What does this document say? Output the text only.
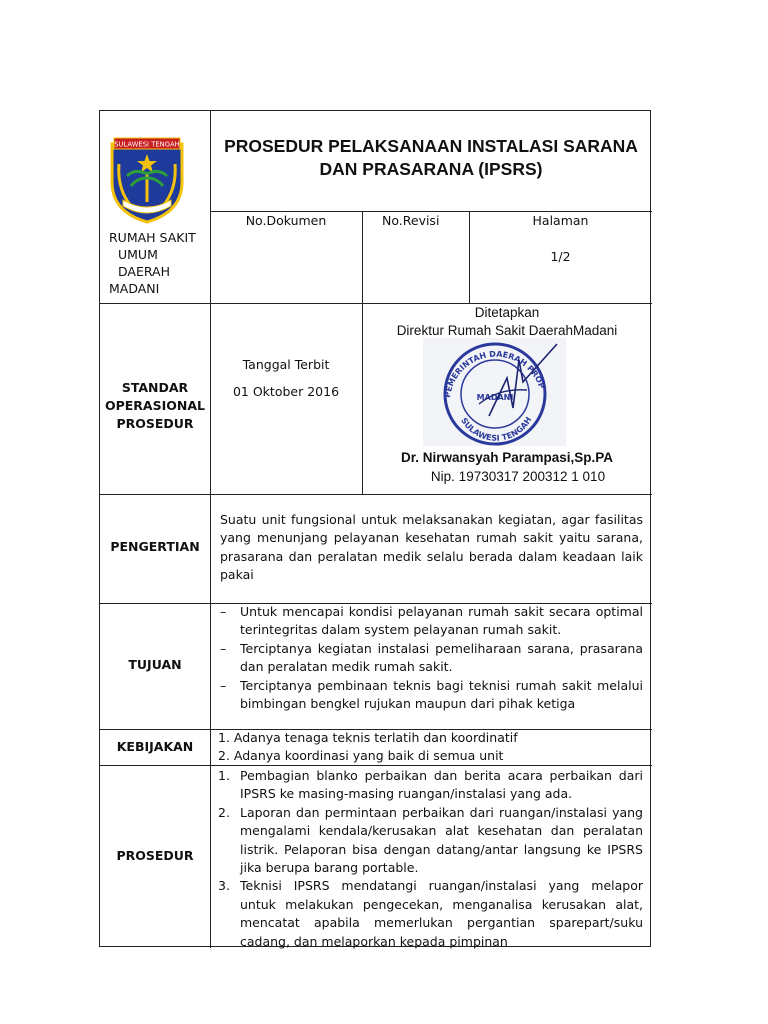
SULAWESI TENGAH
RUMAH SAKIT
UMUM
DAERAH
MADANI
PROSEDUR PELAKSANAAN INSTALASI SARANA
DAN PRASARANA (IPSRS)
No.Dokumen	No.Revisi	Halaman
1/2
STANDAR
OPERASIONAL
PROSEDUR
Tanggal Terbit
01 Oktober 2016
Ditetapkan
Direktur Rumah Sakit DaerahMadani
PEMERINTAH DAERAH PROP
SULAWESI TENGAH
MADANI
Dr. Nirwansyah Parampasi,Sp.PA
Nip. 19730317 200312 1 010
PENGERTIAN
Suatu unit fungsional untuk melaksanakan kegiatan, agar fasilitas yang menunjang pelayanan kesehatan rumah sakit yaitu sarana, prasarana dan peralatan medik selalu berada dalam keadaan laik pakai
TUJUAN
– Untuk mencapai kondisi pelayanan rumah sakit secara optimal terintegritas dalam system pelayanan rumah sakit.
– Terciptanya kegiatan instalasi pemeliharaan sarana, prasarana dan peralatan medik rumah sakit.
– Terciptanya pembinaan teknis bagi teknisi rumah sakit melalui bimbingan bengkel rujukan maupun dari pihak ketiga
KEBIJAKAN
1. Adanya tenaga teknis terlatih dan koordinatif
2. Adanya koordinasi yang baik di semua unit
PROSEDUR
1. Pembagian blanko perbaikan dan berita acara perbaikan dari IPSRS ke masing-masing ruangan/instalasi yang ada.
2. Laporan dan permintaan perbaikan dari ruangan/instalasi yang mengalami kendala/kerusakan alat kesehatan dan peralatan listrik. Pelaporan bisa dengan datang/antar langsung ke IPSRS jika berupa barang portable.
3. Teknisi IPSRS mendatangi ruangan/instalasi yang melapor untuk melakukan pengecekan, menganalisa kerusakan alat, mencatat apabila memerlukan pergantian sparepart/suku cadang, dan melaporkan kepada pimpinan
